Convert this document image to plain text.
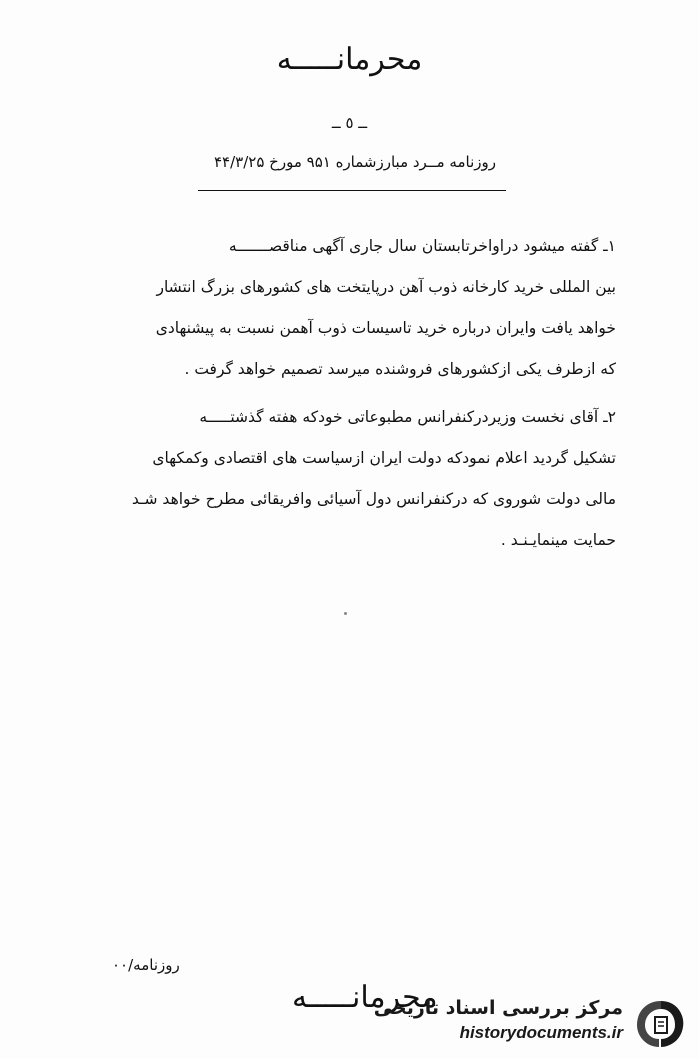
محرمانـــــه
ــ ٥ ــ
روزنامه مــرد مبارزشماره ۹۵۱ مورخ ۴۴/۳/۲۵
۱ـ گفته میشود دراواخرتابستان سال جاری آگهی مناقصـــــــه
بین المللی خرید کارخانه ذوب آهن درپایتخت های کشورهای بزرگ انتشار
خواهد یافت وایران درباره خرید تاسیسات ذوب آهمن نسبت به پیشنهادی
که ازطرف یکی ازکشورهای فروشنده میرسد تصمیم خواهد گرفت .
۲ـ آقای نخست وزیردرکنفرانس مطبوعاتی خودکه هفته گذشتـــــه
تشکیل گردید اعلام نمودکه دولت ایران ازسیاست های اقتصادی وکمکهای
مالی دولت شوروی که درکنفرانس دول آسیائی وافریقائی مطرح خواهد شـد
حمایت مینمایـنـد .
روزنامه/۰۰
محرمانـــــه
مرکز بررسی اسناد تاریخی
historydocuments.ir
